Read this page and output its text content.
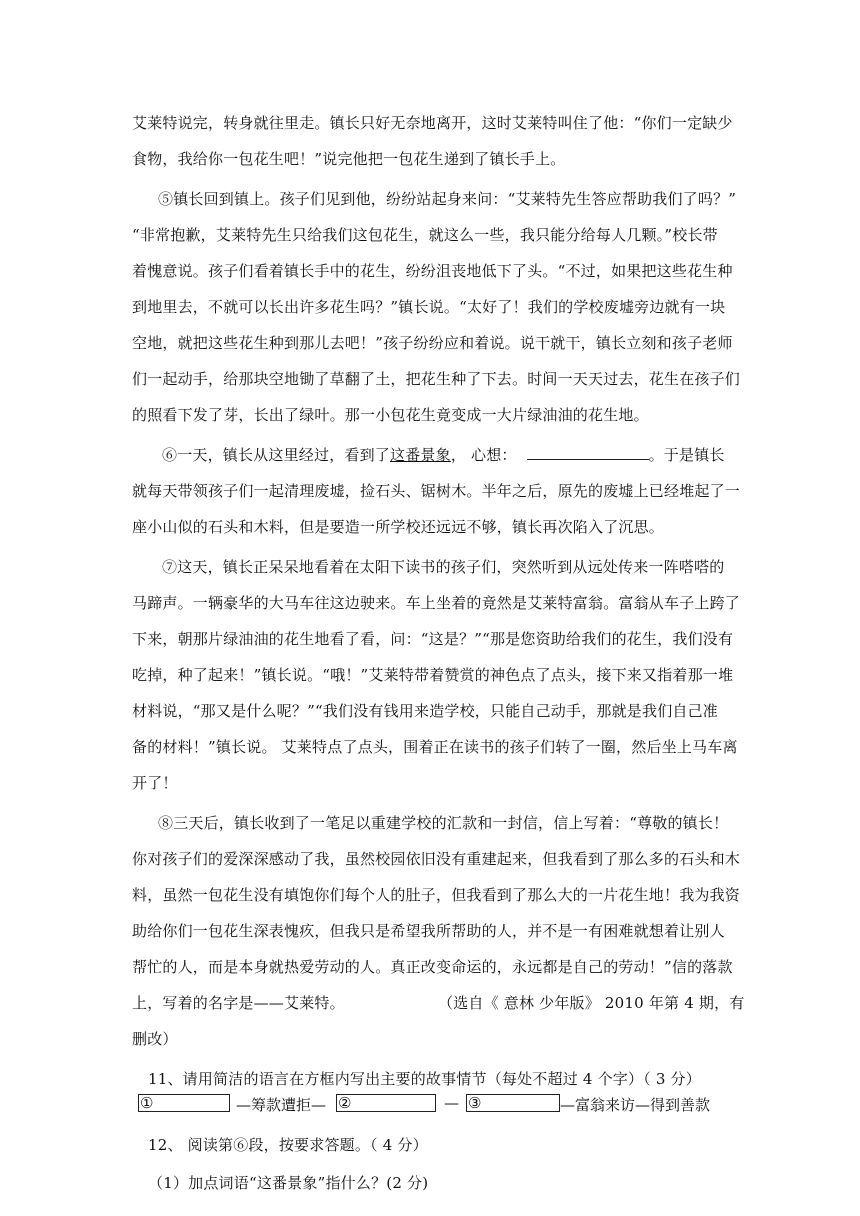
艾莱特说完，转身就往里走。镇长只好无奈地离开，这时艾莱特叫住了他：“你们一定缺少
食物，我给你一包花生吧！”说完他把一包花生递到了镇长手上。
⑤镇长回到镇上。孩子们见到他，纷纷站起身来问：“艾莱特先生答应帮助我们了吗？”
“非常抱歉，艾莱特先生只给我们这包花生，就这么一些，我只能分给每人几颗。”校长带
着愧意说。孩子们看着镇长手中的花生，纷纷沮丧地低下了头。“不过，如果把这些花生种
到地里去，不就可以长出许多花生吗？”镇长说。“太好了！我们的学校废墟旁边就有一块
空地，就把这些花生种到那儿去吧！”孩子纷纷应和着说。说干就干，镇长立刻和孩子老师
们一起动手，给那块空地锄了草翻了土，把花生种了下去。时间一天天过去，花生在孩子们
的照看下发了芽，长出了绿叶。那一小包花生竟变成一大片绿油油的花生地。
⑥一天，镇长从这里经过，看到了这番景象， 心想：	。于是镇长
就每天带领孩子们一起清理废墟，捡石头、锯树木。半年之后，原先的废墟上已经堆起了一
座小山似的石头和木料，但是要造一所学校还远远不够，镇长再次陷入了沉思。
⑦这天，镇长正呆呆地看着在太阳下读书的孩子们，突然听到从远处传来一阵嗒嗒的
马蹄声。一辆豪华的大马车往这边驶来。车上坐着的竟然是艾莱特富翁。富翁从车子上跨了
下来，朝那片绿油油的花生地看了看，问：“这是？”“那是您资助给我们的花生，我们没有
吃掉，种了起来！”镇长说。“哦！”艾莱特带着赞赏的神色点了点头，接下来又指着那一堆
材料说，“那又是什么呢？”“我们没有钱用来造学校，只能自己动手，那就是我们自己准
备的材料！”镇长说。 艾莱特点了点头，围着正在读书的孩子们转了一圈，然后坐上马车离
开了！
⑧三天后，镇长收到了一笔足以重建学校的汇款和一封信，信上写着：“尊敬的镇长！
你对孩子们的爱深深感动了我，虽然校园依旧没有重建起来，但我看到了那么多的石头和木
料，虽然一包花生没有填饱你们每个人的肚子，但我看到了那么大的一片花生地！我为我资
助给你们一包花生深表愧疚，但我只是希望我所帮助的人，并不是一有困难就想着让别人
帮忙的人，而是本身就热爱劳动的人。真正改变命运的，永远都是自己的劳动！”信的落款
上，写着的名字是——艾莱特。	（选自《 意林 少年版》 2010 年第 4 期，有
删改）
11、请用简洁的语言在方框内写出主要的故事情节（每处不超过 4 个字）（ 3 分）
①	—筹款遭拒— ②	— ③	—富翁来访—得到善款
12、 阅读第⑥段，按要求答题。（ 4 分）
（1）加点词语“这番景象”指什么？(2 分)
